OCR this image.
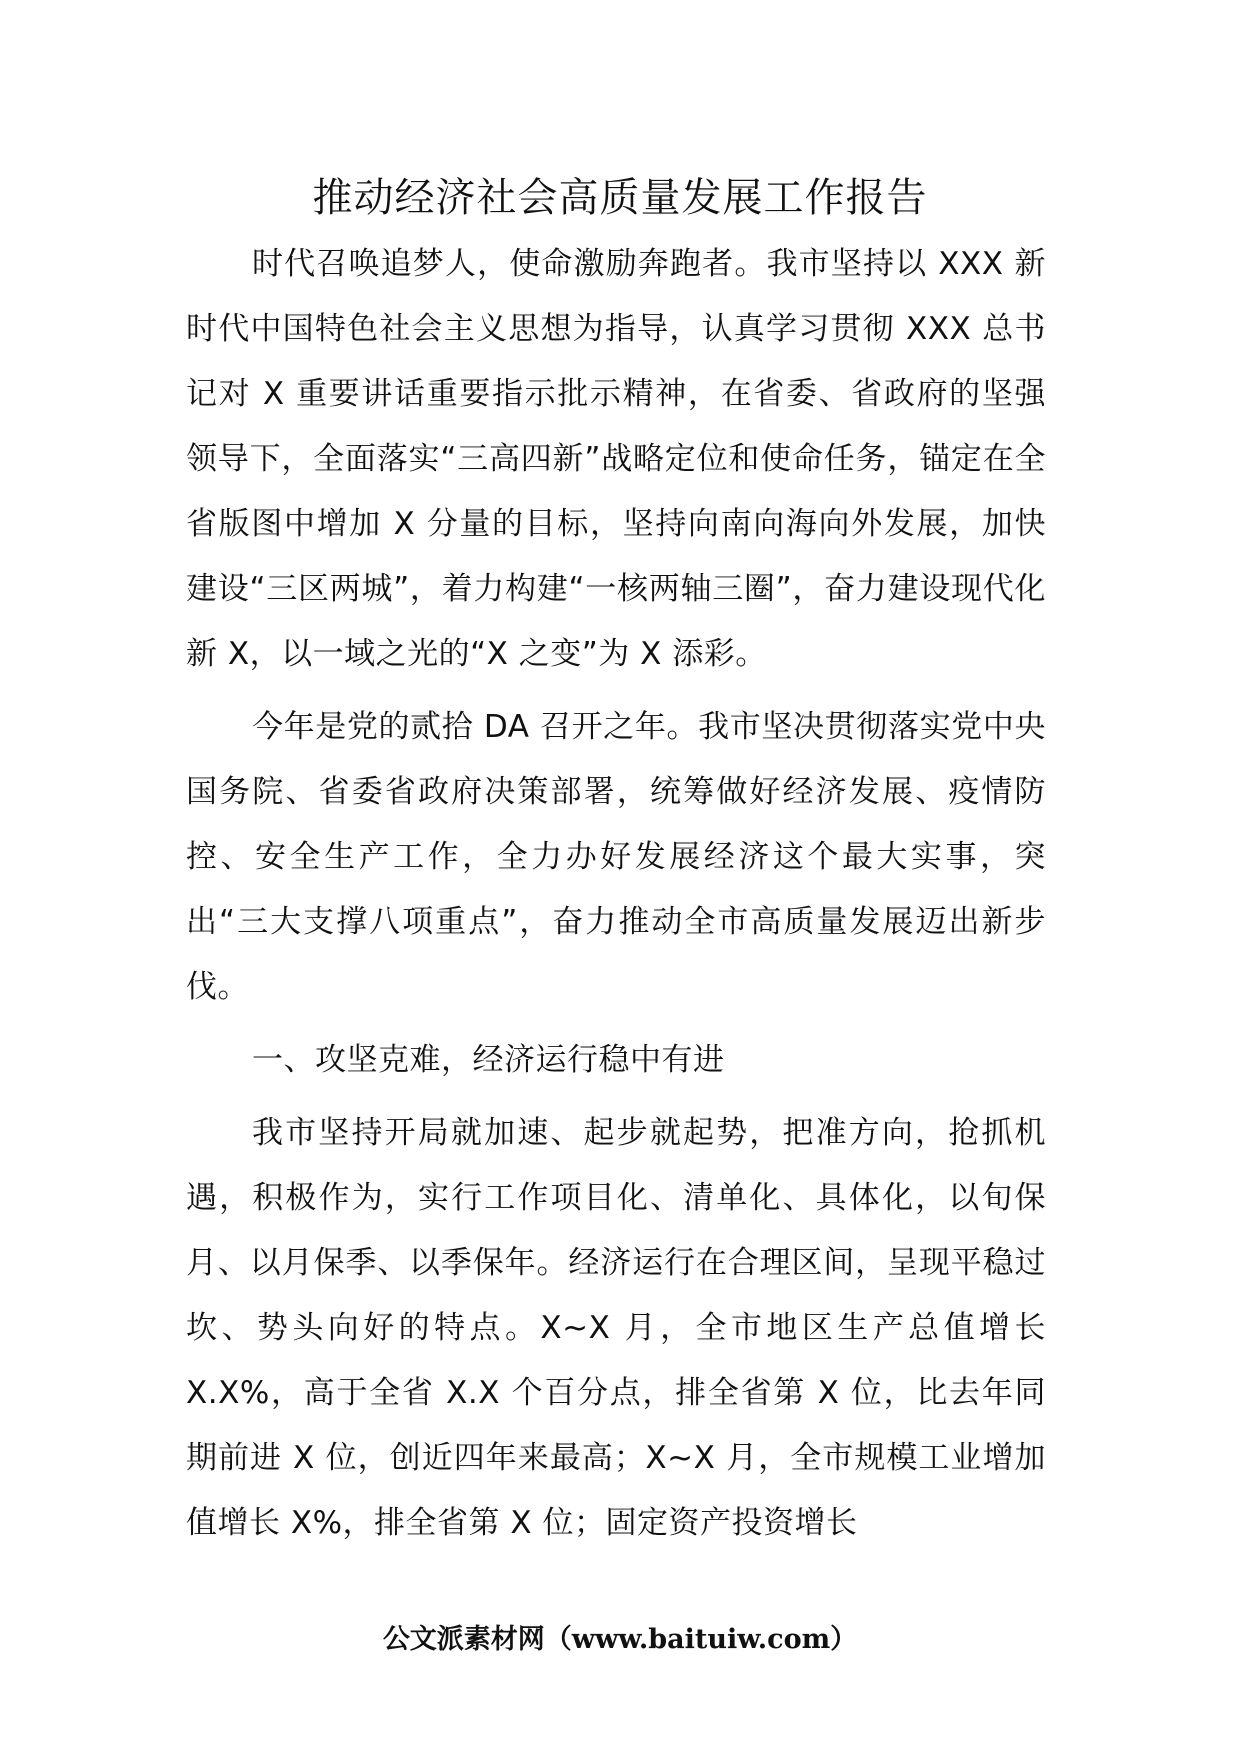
推动经济社会高质量发展工作报告

时代召唤追梦人，使命激励奔跑者。我市坚持以 XXX 新时代中国特色社会主义思想为指导，认真学习贯彻 XXX 总书记对 X 重要讲话重要指示批示精神，在省委、省政府的坚强领导下，全面落实“三高四新”战略定位和使命任务，锚定在全省版图中增加 X 分量的目标，坚持向南向海向外发展，加快建设“三区两城”，着力构建“一核两轴三圈”，奋力建设现代化新 X，以一域之光的“X 之变”为 X 添彩。

今年是党的贰拾 DA 召开之年。我市坚决贯彻落实党中央国务院、省委省政府决策部署，统筹做好经济发展、疫情防控、安全生产工作，全力办好发展经济这个最大实事，突出“三大支撑八项重点”，奋力推动全市高质量发展迈出新步伐。

一、攻坚克难，经济运行稳中有进

我市坚持开局就加速、起步就起势，把准方向，抢抓机遇，积极作为，实行工作项目化、清单化、具体化，以旬保月、以月保季、以季保年。经济运行在合理区间，呈现平稳过坎、势头向好的特点。X~X 月，全市地区生产总值增长 X.X%，高于全省 X.X 个百分点，排全省第 X 位，比去年同期前进 X 位，创近四年来最高；X~X 月，全市规模工业增加值增长 X%，排全省第 X 位；固定资产投资增长

公文派素材网（www.baituiw.com）
